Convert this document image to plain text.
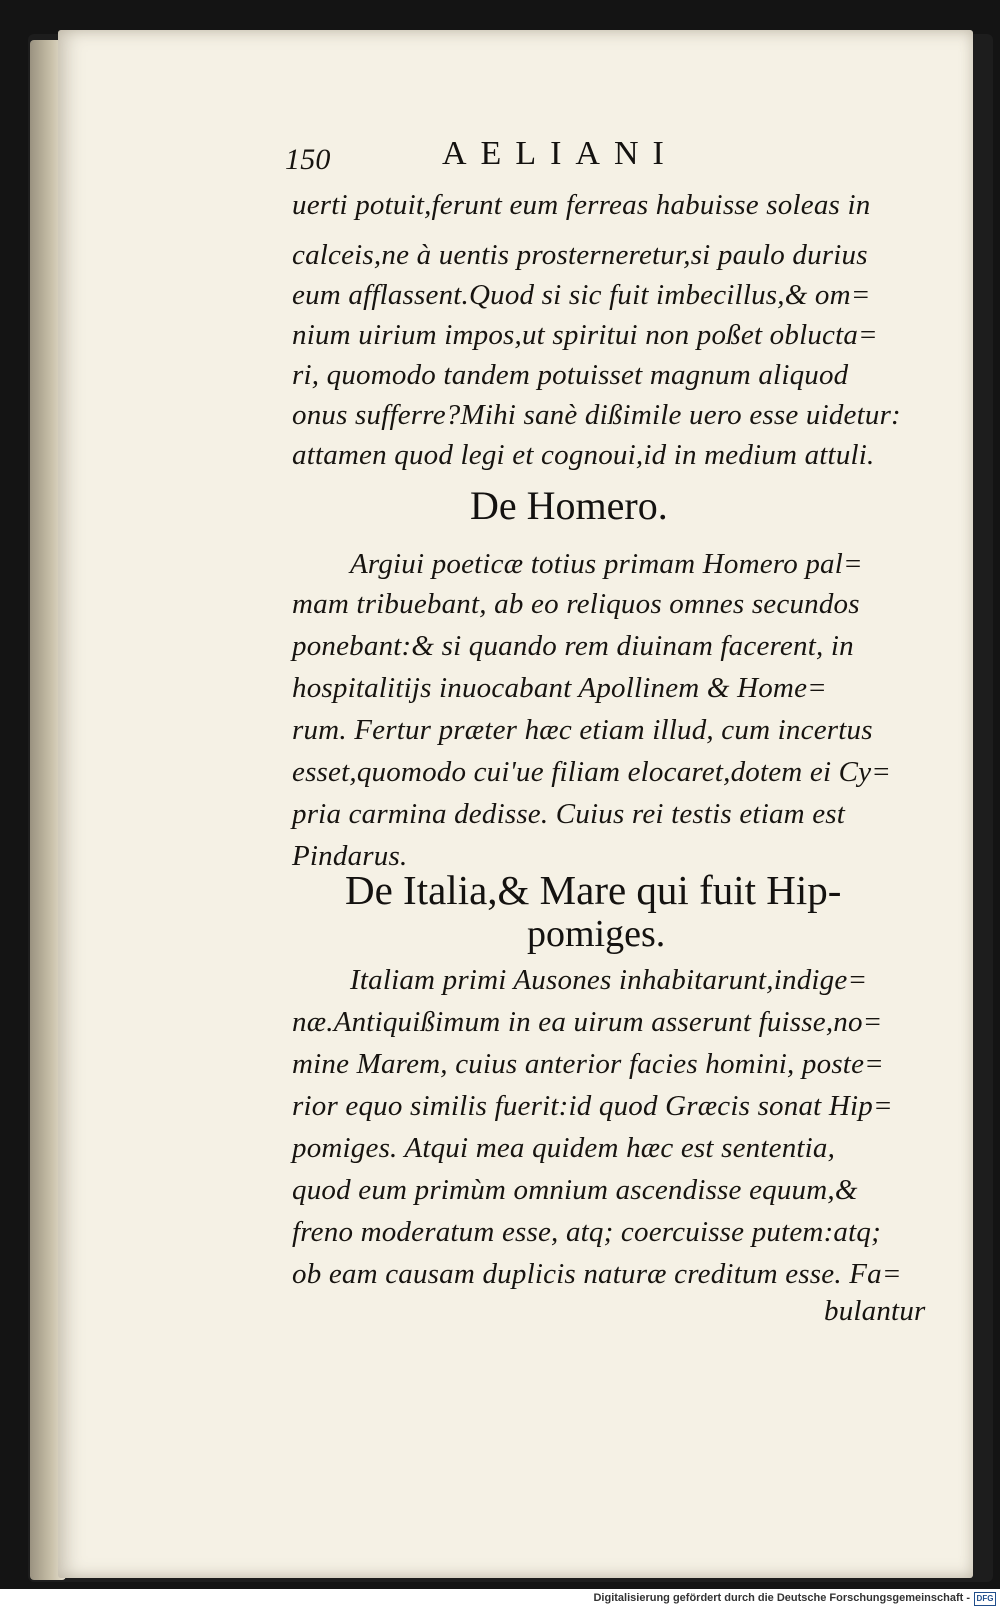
150	AELIANI
uerti potuit,ferunt eum ferreas habuisse soleas in
calceis,ne à uentis prosterneretur,si paulo durius
eum afflassent.Quod si sic fuit imbecillus,& om=
nium uirium impos,ut spiritui non poßet oblucta=
ri, quomodo tandem potuisset magnum aliquod
onus sufferre?Mihi sanè dißimile uero esse uidetur:
attamen quod legi et cognoui,id in medium attuli.
De Homero.
Argiui poeticæ totius primam Homero pal=
mam tribuebant, ab eo reliquos omnes secundos
ponebant:& si quando rem diuinam facerent, in
hospitalitijs inuocabant Apollinem & Home=
rum. Fertur præter hæc etiam illud, cum incertus
esset,quomodo cui'ue filiam elocaret,dotem ei Cy=
pria carmina dedisse. Cuius rei testis etiam est
Pindarus.
De Italia,& Mare qui fuit Hip-
pomiges.
Italiam primi Ausones inhabitarunt,indige=
næ.Antiquißimum in ea uirum asserunt fuisse,no=
mine Marem, cuius anterior facies homini, poste=
rior equo similis fuerit:id quod Græcis sonat Hip=
pomiges. Atqui mea quidem hæc est sententia,
quod eum primùm omnium ascendisse equum,&
freno moderatum esse, atq; coercuisse putem:atq;
ob eam causam duplicis naturæ creditum esse. Fa=
bulantur
Digitalisierung gefördert durch die Deutsche Forschungsgemeinschaft - DFG
